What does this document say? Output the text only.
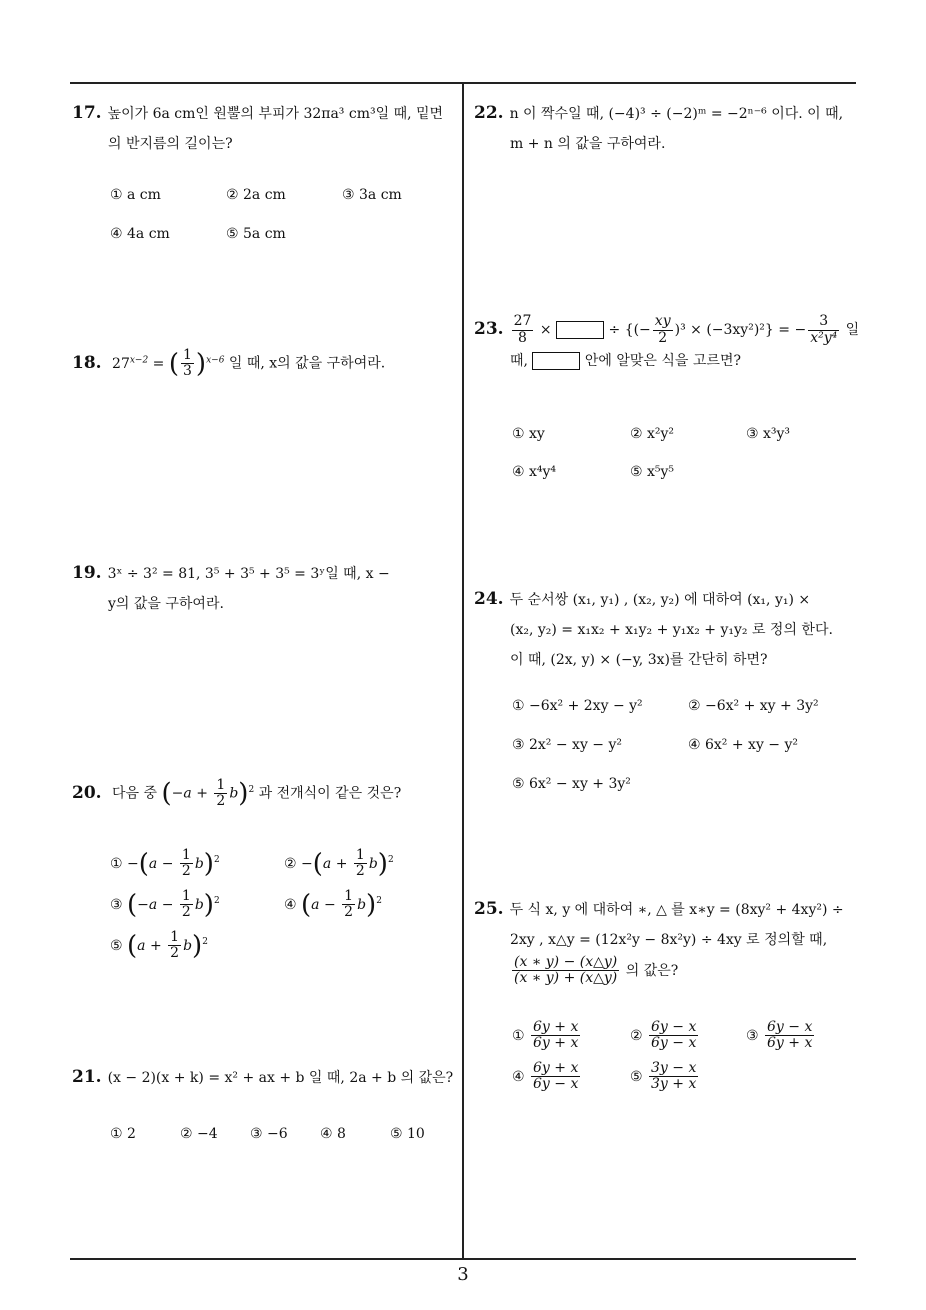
17. 높이가 6a cm인 원뿔의 부피가 32πa³ cm³일 때, 밑면
의 반지름의 길이는?
① a cm	② 2a cm	③ 3a cm
④ 4a cm	⑤ 5a cm
18. $27^{x-2}$ = ( $\frac{1}{3} )^{x-6}$ 일 때, x의 값을 구하여라.
19. 3ˣ ÷ 3² = 81, 3⁵ + 3⁵ + 3⁵ = 3ʸ일 때, x −
y의 값을 구하여라.
20. 다음 중 $(-a + \frac{1}{2} b)^2$ 과 전개식이 같은 것은?
① $-(a - \frac{1}{2} b)^2$	② $-(a + \frac{1}{2} b)^2$
③ $(-a - \frac{1}{2} b)^2$	④ $(a - \frac{1}{2} b)^2$
⑤ $(a + \frac{1}{2} b)^2$
21. (x − 2)(x + k) = x² + ax + b 일 때, 2a + b 의 값은?
① 2	② −4 ③ −6 ④ 8	⑤ 10
22. n 이 짝수일 때, (−4)³ ÷ (−2)ᵐ = −2ⁿ⁻⁶ 이다. 이 때,
m + n 의 값을 구하여라.
23. $\frac{27}{8}$ ×	÷ {(− $\frac{xy}{2} )^3 \times (-3xy^2)^2$} = − $\frac{3}{\text{x²y⁴}}$ 일
때,	안에 알맞은 식을 고르면?
① xy	② x²y²	③ x³y³
④ x⁴y⁴	⑤ x⁵y⁵
24. 두 순서쌍 (x₁, y₁) , (x₂, y₂) 에 대하여 (x₁, y₁) ×
(x₂, y₂) = x₁x₂ + x₁y₂ + y₁x₂ + y₁y₂ 로 정의 한다.
이 때, (2x, y) × (−y, 3x)를 간단히 하면?
① −6x² + 2xy − y²	② −6x² + xy + 3y²
③ 2x² − xy − y²	④ 6x² + xy − y²
⑤ 6x² − xy + 3y²
25. 두 식 x, y 에 대하여 ∗, △ 를 x∗y = (8xy² + 4xy²) ÷
2xy , x△y = (12x²y − 8x²y) ÷ 4xy 로 정의할 때,
$\frac{(x ∗ y) - (x\triangle y)}{(x ∗ y) + (x\triangle y)}$ 의 값은?
① $\frac{6y + x}{6y + x}$	② $\frac{6y - x}{6y - x}$	③ $\frac{6y - x}{6y + x}$
④ $\frac{6y + x}{6y - x}$	⑤ $\frac{3y - x}{3y + x}$
3
